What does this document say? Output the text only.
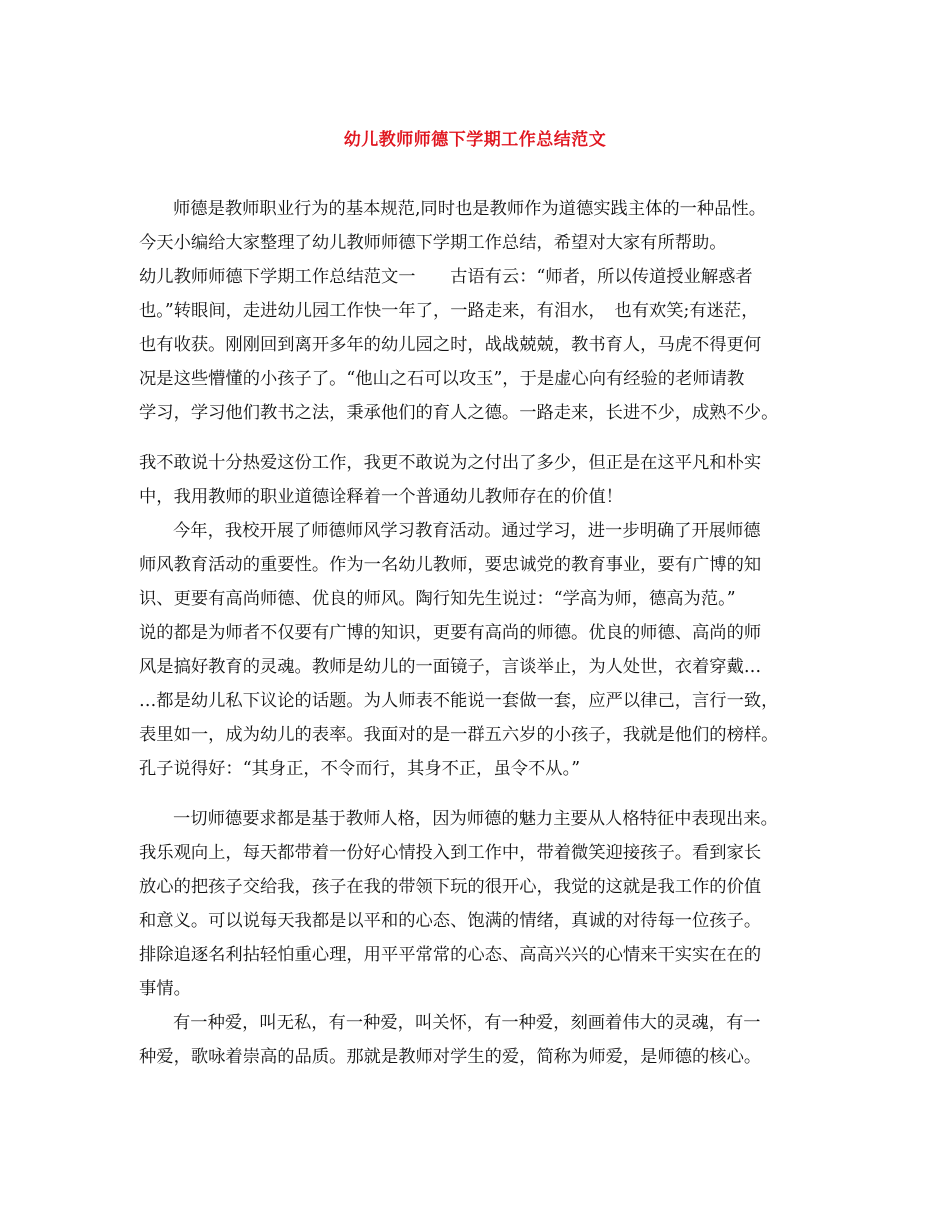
幼儿教师师德下学期工作总结范文
师德是教师职业行为的基本规范,同时也是教师作为道德实践主体的一种品性。
今天小编给大家整理了幼儿教师师德下学期工作总结，希望对大家有所帮助。
幼儿教师师德下学期工作总结范文一　　古语有云：“师者，所以传道授业解惑者
也。”转眼间，走进幼儿园工作快一年了，一路走来，有泪水，　也有欢笑;有迷茫，
也有收获。刚刚回到离开多年的幼儿园之时，战战兢兢，教书育人，马虎不得更何
况是这些懵懂的小孩子了。“他山之石可以攻玉”，于是虚心向有经验的老师请教
学习，学习他们教书之法，秉承他们的育人之德。一路走来，长进不少，成熟不少。
我不敢说十分热爱这份工作，我更不敢说为之付出了多少，但正是在这平凡和朴实
中，我用教师的职业道德诠释着一个普通幼儿教师存在的价值！
今年，我校开展了师德师风学习教育活动。通过学习，进一步明确了开展师德
师风教育活动的重要性。作为一名幼儿教师，要忠诚党的教育事业，要有广博的知
识、更要有高尚师德、优良的师风。陶行知先生说过：“学高为师，德高为范。”
说的都是为师者不仅要有广博的知识，更要有高尚的师德。优良的师德、高尚的师
风是搞好教育的灵魂。教师是幼儿的一面镜子，言谈举止，为人处世，衣着穿戴…
…都是幼儿私下议论的话题。为人师表不能说一套做一套，应严以律己，言行一致，
表里如一，成为幼儿的表率。我面对的是一群五六岁的小孩子，我就是他们的榜样。
孔子说得好：“其身正，不令而行，其身不正，虽令不从。”
一切师德要求都是基于教师人格，因为师德的魅力主要从人格特征中表现出来。
我乐观向上，每天都带着一份好心情投入到工作中，带着微笑迎接孩子。看到家长
放心的把孩子交给我，孩子在我的带领下玩的很开心，我觉的这就是我工作的价值
和意义。可以说每天我都是以平和的心态、饱满的情绪，真诚的对待每一位孩子。
排除追逐名利拈轻怕重心理，用平平常常的心态、高高兴兴的心情来干实实在在的
事情。
有一种爱，叫无私，有一种爱，叫关怀，有一种爱，刻画着伟大的灵魂，有一
种爱，歌咏着崇高的品质。那就是教师对学生的爱，简称为师爱，是师德的核心。
